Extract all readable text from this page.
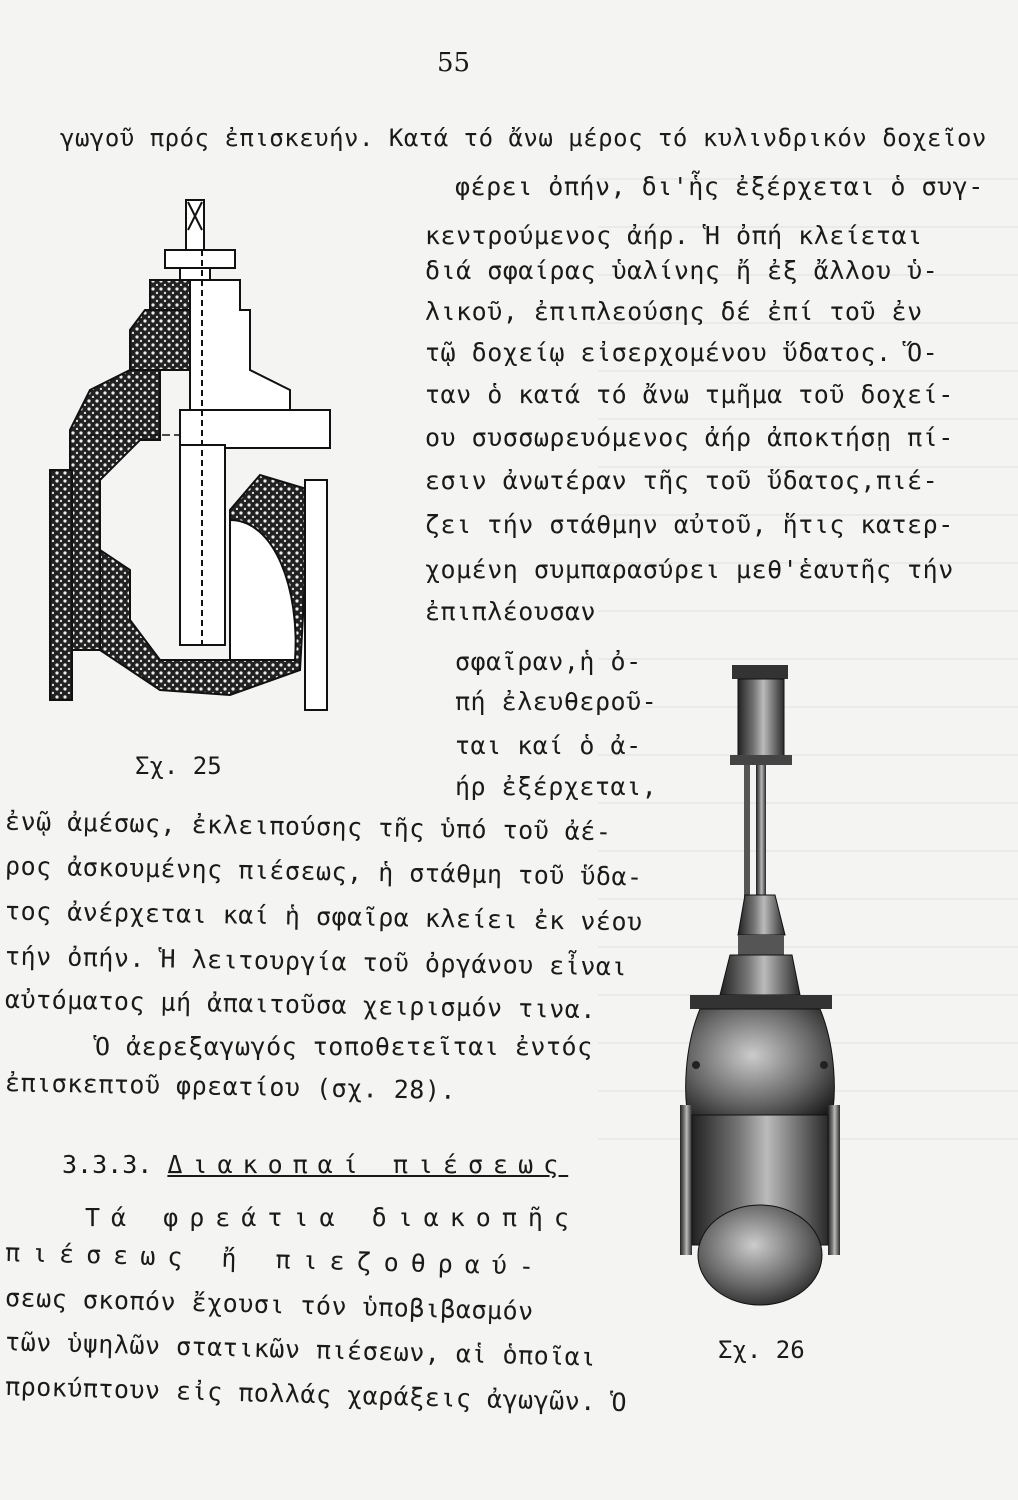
55
γωγοῦ πρός ἐπισκευήν. Κατά τό ἄνω μέρος τό κυλινδρικόν δοχεῖον
φέρει ὀπήν, δι'ἧς ἐξέρχεται ὁ συγ-
κεντρούμενος ἀήρ. Ἡ ὀπή κλείεται
διά σφαίρας ὑαλίνης ἤ ἐξ ἄλλου ὑ-
λικοῦ, ἐπιπλεούσης δέ ἐπί τοῦ ἐν
τῷ δοχείῳ εἰσερχομένου ὕδατος. Ὅ-
ταν ὁ κατά τό ἄνω τμῆμα τοῦ δοχεί-
ου συσσωρευόμενος ἀήρ ἀποκτήσῃ πί-
εσιν ἀνωτέραν τῆς τοῦ ὕδατος,πιέ-
ζει τήν στάθμην αὐτοῦ, ἥτις κατερ-
χομένη συμπαρασύρει μεθ'ἑαυτῆς τήν
ἐπιπλέουσαν
σφαῖραν,ἡ ὀ-
πή ἐλευθεροῦ-
ται καί ὁ ἀ-
ήρ ἐξέρχεται,
ἐνῷ ἀμέσως, ἐκλειπούσης τῆς ὑπό τοῦ ἀέ-
ρος ἀσκουμένης πιέσεως, ἡ στάθμη τοῦ ὕδα-
τος ἀνέρχεται καί ἡ σφαῖρα κλείει ἐκ νέου
τήν ὀπήν. Ἡ λειτουργία τοῦ ὀργάνου εἶναι
αὐτόματος μή ἀπαιτοῦσα χειρισμόν τινα.
Ὁ ἀερεξαγωγός τοποθετεῖται ἐντός
ἐπισκεπτοῦ φρεατίου (σχ. 28).
3.3.3. Διακοπαί πιέσεως
Τά φρεάτια διακοπῆς
πιέσεως ἤ πιεζοθραύ-
σεως σκοπόν ἔχουσι τόν ὑποβιβασμόν
τῶν ὑψηλῶν στατικῶν πιέσεων, αἱ ὁποῖαι
προκύπτουν εἰς πολλάς χαράξεις ἀγωγῶν. Ὁ
Σχ. 25
Σχ. 26
